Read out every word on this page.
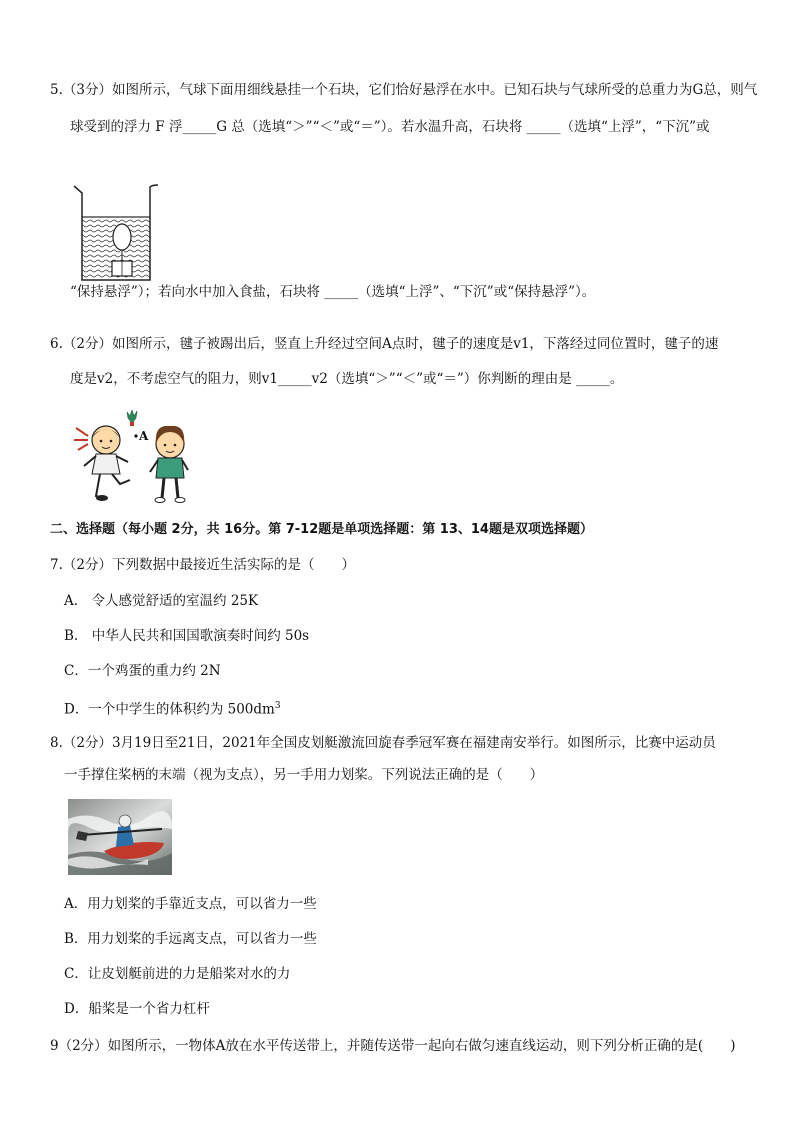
5.（3分）如图所示，气球下面用细线悬挂一个石块，它们恰好悬浮在水中。已知石块与气球所受的总重力为G总，则气
球受到的浮力 F 浮_____G 总（选填“＞”“＜”或“＝”）。若水温升高，石块将 _____（选填“上浮”，“下沉”或
“保持悬浮”）；若向水中加入食盐，石块将 _____（选填“上浮”、“下沉”或“保持悬浮”）。
6.（2分）如图所示，毽子被踢出后，竖直上升经过空间A点时，毽子的速度是v1，下落经过同位置时，毽子的速
度是v2，不考虑空气的阻力，则v1_____v2（选填“＞”“＜”或“＝”）你判断的理由是 _____。
A
二、选择题（每小题 2分，共 16分。第 7-12题是单项选择题：第 13、14题是双项选择题）
7.（2分）下列数据中最接近生活实际的是（　　）
A.　令人感觉舒适的室温约 25K
B.　中华人民共和国国歌演奏时间约 50s
C．一个鸡蛋的重力约 2N
D．一个中学生的体积约为 $500dm^3$
8.（2分）3月19日至21日，2021年全国皮划艇激流回旋春季冠军赛在福建南安举行。如图所示，比赛中运动员
一手撑住桨柄的末端（视为支点），另一手用力划桨。下列说法正确的是（　　）
A．用力划桨的手靠近支点，可以省力一些
B．用力划桨的手远离支点，可以省力一些
C．让皮划艇前进的力是船桨对水的力
D．船桨是一个省力杠杆
9（2分）如图所示，一物体A放在水平传送带上，并随传送带一起向右做匀速直线运动，则下列分析正确的是(　　)
